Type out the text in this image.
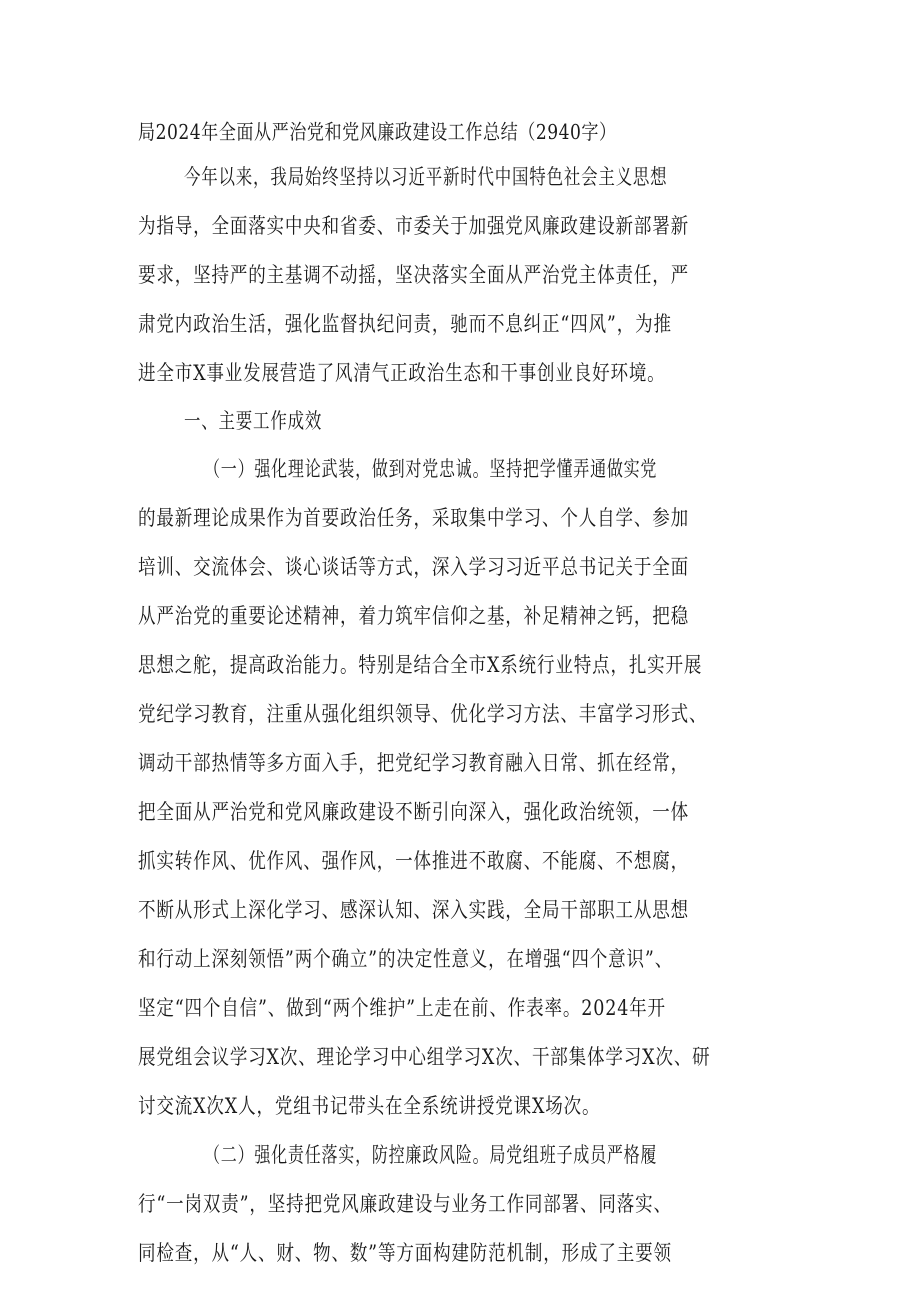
局2024年全面从严治党和党风廉政建设工作总结（2940字）
今年以来，我局始终坚持以习近平新时代中国特色社会主义思想
为指导，全面落实中央和省委、市委关于加强党风廉政建设新部署新
要求，坚持严的主基调不动摇，坚决落实全面从严治党主体责任，严
肃党内政治生活，强化监督执纪问责，驰而不息纠正“四风”，为推
进全市X事业发展营造了风清气正政治生态和干事创业良好环境。
一、主要工作成效
（一）强化理论武装，做到对党忠诚。坚持把学懂弄通做实党
的最新理论成果作为首要政治任务，采取集中学习、个人自学、参加
培训、交流体会、谈心谈话等方式，深入学习习近平总书记关于全面
从严治党的重要论述精神，着力筑牢信仰之基，补足精神之钙，把稳
思想之舵，提高政治能力。特别是结合全市X系统行业特点，扎实开展
党纪学习教育，注重从强化组织领导、优化学习方法、丰富学习形式、
调动干部热情等多方面入手，把党纪学习教育融入日常、抓在经常，
把全面从严治党和党风廉政建设不断引向深入，强化政治统领，一体
抓实转作风、优作风、强作风，一体推进不敢腐、不能腐、不想腐，
不断从形式上深化学习、感深认知、深入实践，全局干部职工从思想
和行动上深刻领悟”两个确立”的决定性意义，在增强“四个意识”、
坚定“四个自信”、做到“两个维护”上走在前、作表率。2024年开
展党组会议学习X次、理论学习中心组学习X次、干部集体学习X次、研
讨交流X次X人，党组书记带头在全系统讲授党课X场次。
（二）强化责任落实，防控廉政风险。局党组班子成员严格履
行“一岗双责”，坚持把党风廉政建设与业务工作同部署、同落实、
同检查，从“人、财、物、数”等方面构建防范机制，形成了主要领
